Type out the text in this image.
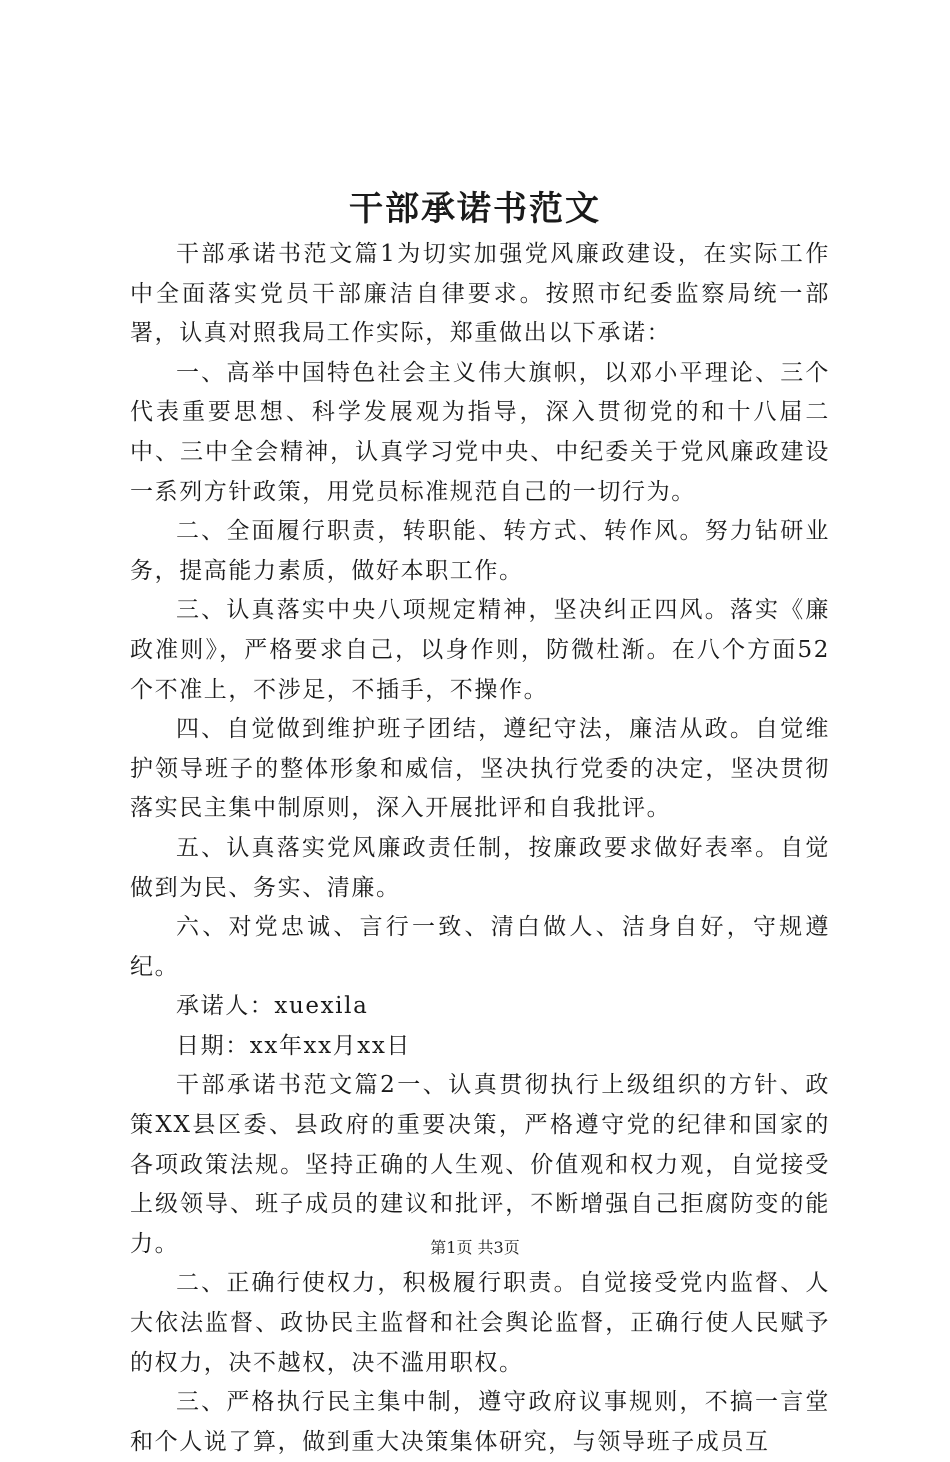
干部承诺书范文

干部承诺书范文篇1为切实加强党风廉政建设，在实际工作中全面落实党员干部廉洁自律要求。按照市纪委监察局统一部署，认真对照我局工作实际，郑重做出以下承诺：

一、高举中国特色社会主义伟大旗帜，以邓小平理论、三个代表重要思想、科学发展观为指导，深入贯彻党的和十八届二中、三中全会精神，认真学习党中央、中纪委关于党风廉政建设一系列方针政策，用党员标准规范自己的一切行为。

二、全面履行职责，转职能、转方式、转作风。努力钻研业务，提高能力素质，做好本职工作。

三、认真落实中央八项规定精神，坚决纠正四风。落实《廉政准则》，严格要求自己，以身作则，防微杜渐。在八个方面52个不准上，不涉足，不插手，不操作。

四、自觉做到维护班子团结，遵纪守法，廉洁从政。自觉维护领导班子的整体形象和威信，坚决执行党委的决定，坚决贯彻落实民主集中制原则，深入开展批评和自我批评。

五、认真落实党风廉政责任制，按廉政要求做好表率。自觉做到为民、务实、清廉。

六、对党忠诚、言行一致、清白做人、洁身自好，守规遵纪。

承诺人：xuexila

日期：xx年xx月xx日

干部承诺书范文篇2一、认真贯彻执行上级组织的方针、政策XX县区委、县政府的重要决策，严格遵守党的纪律和国家的各项政策法规。坚持正确的人生观、价值观和权力观，自觉接受上级领导、班子成员的建议和批评，不断增强自己拒腐防变的能力。

二、正确行使权力，积极履行职责。自觉接受党内监督、人大依法监督、政协民主监督和社会舆论监督，正确行使人民赋予的权力，决不越权，决不滥用职权。

三、严格执行民主集中制，遵守政府议事规则，不搞一言堂和个人说了算，做到重大决策集体研究，与领导班子成员互

第1页 共3页
